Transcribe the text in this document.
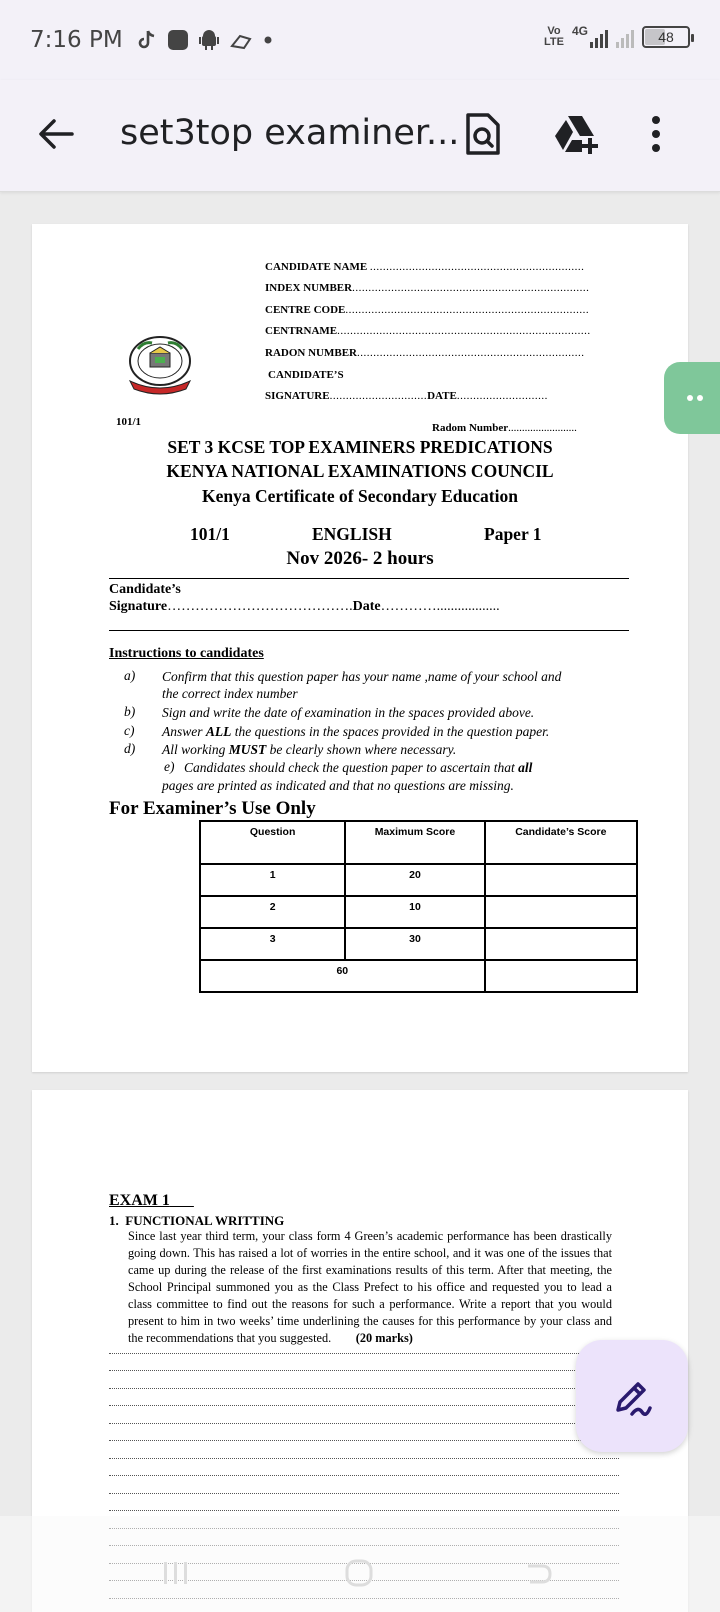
7:16 PM	Vo
LTE
4G	48
set3top examiner...
CANDIDATE NAME ..................................................................
INDEX NUMBER.........................................................................
CENTRE CODE...........................................................................
CENTRNAME..............................................................................
RADON NUMBER......................................................................
CANDIDATE’S
SIGNATURE..............................DATE............................
101/1	Radom Number.........................
SET 3 KCSE TOP EXAMINERS PREDICATIONS
KENYA NATIONAL EXAMINATIONS COUNCIL
Kenya Certificate of Secondary Education
101/1	ENGLISH	Paper 1
Nov 2026- 2 hours
Candidate’s
Signature………………………………….Date…………..................
Instructions to candidates
a) Confirm that this question paper has your name ,name of your school and
the correct index number
b) Sign and write the date of examination in the spaces provided above.
c) Answer ALL the questions in the spaces provided in the question paper.
d) All working MUST be clearly shown where necessary.
e) Candidates should check the question paper to ascertain that all
pages are printed as indicated and that no questions are missing.
For Examiner’s Use Only
Question	Maximum Score	Candidate’s Score
1	20	
2	10	
3	30	
60		
EXAM 1
1. FUNCTIONAL WRITTING
Since last year third term, your class form 4 Green’s academic performance has been drastically going down. This has raised a lot of worries in the entire school, and it was one of the issues that came up during the release of the first examinations results of this term. After that meeting, the School Principal summoned you as the Class Prefect to his office and requested you to lead a class committee to find out the reasons for such a performance. Write a report that you would present to him in two weeks’ time underlining the causes for this performance by your class and the recommendations that you suggested. (20 marks)
